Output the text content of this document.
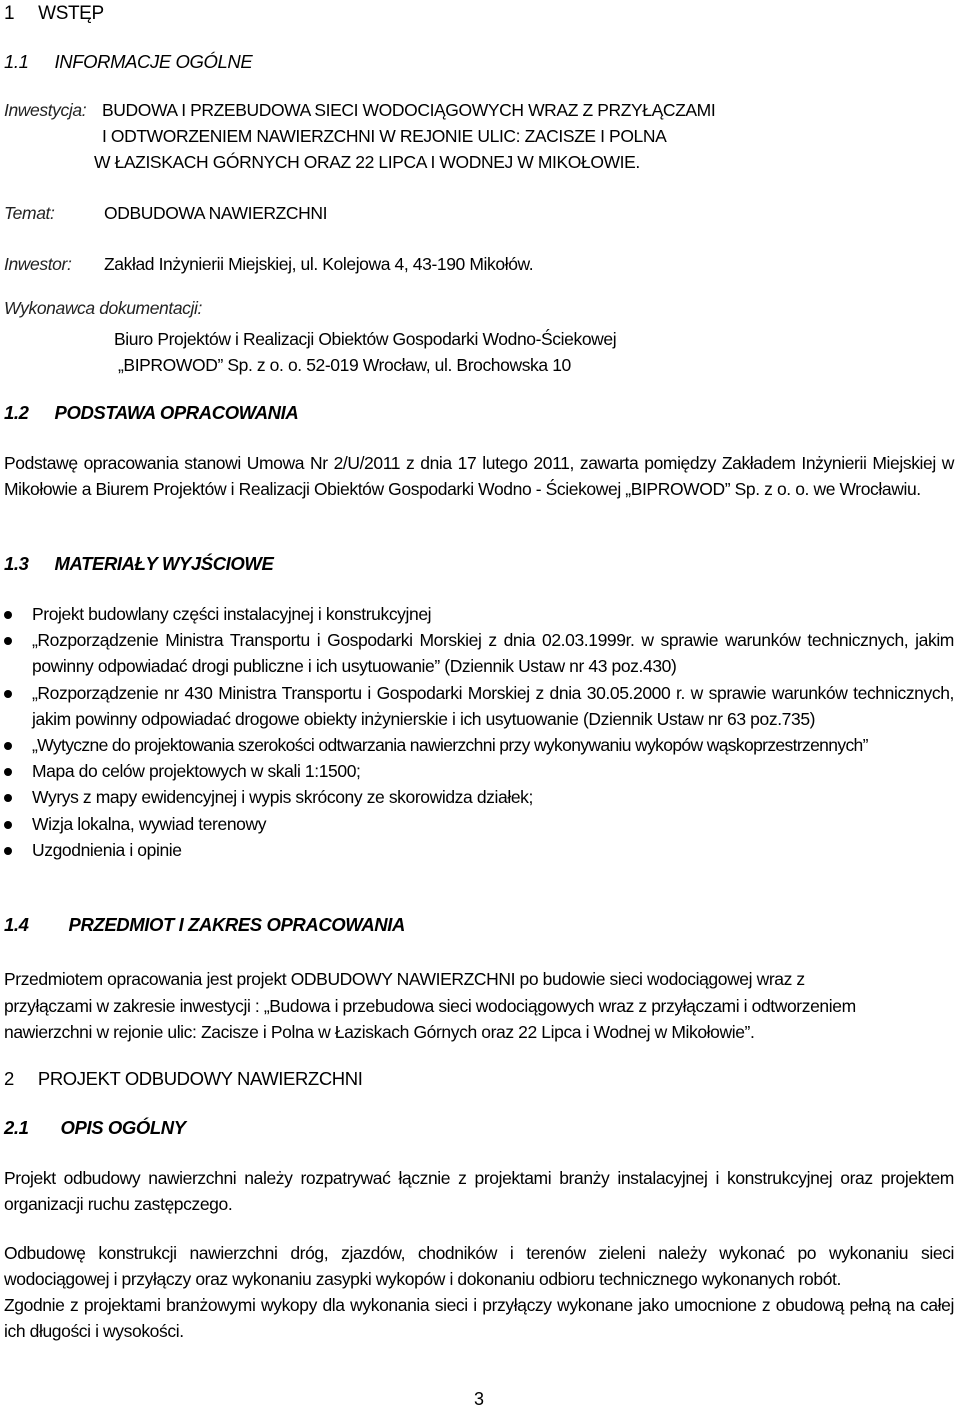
1 WSTĘP
1.1 INFORMACJE OGÓLNE
Inwestycja: BUDOWA I PRZEBUDOWA SIECI WODOCIĄGOWYCH WRAZ Z PRZYŁĄCZAMI
I ODTWORZENIEM NAWIERZCHNI W REJONIE ULIC: ZACISZE I POLNA
W ŁAZISKACH GÓRNYCH ORAZ 22 LIPCA I WODNEJ W MIKOŁOWIE.
Temat:	ODBUDOWA NAWIERZCHNI
Inwestor: Zakład Inżynierii Miejskiej, ul. Kolejowa 4, 43-190 Mikołów.
Wykonawca dokumentacji:
Biuro Projektów i Realizacji Obiektów Gospodarki Wodno-Ściekowej
„BIPROWOD” Sp. z o. o. 52-019 Wrocław, ul. Brochowska 10
1.2 PODSTAWA OPRACOWANIA

Podstawę opracowania stanowi Umowa Nr 2/U/2011 z dnia 17 lutego 2011, zawarta pomiędzy Zakładem Inżynierii Miejskiej w Mikołowie a Biurem Projektów i Realizacji Obiektów Gospodarki Wodno - Ściekowej „BIPROWOD” Sp. z o. o. we Wrocławiu.

1.3 MATERIAŁY WYJŚCIOWE
Projekt budowlany części instalacyjnej i konstrukcyjnej
„Rozporządzenie Ministra Transportu i Gospodarki Morskiej z dnia 02.03.1999r. w sprawie warunków technicznych, jakim powinny odpowiadać drogi publiczne i ich usytuowanie” (Dziennik Ustaw nr 43 poz.430)
„Rozporządzenie nr 430 Ministra Transportu i Gospodarki Morskiej z dnia 30.05.2000 r. w sprawie warunków technicznych, jakim powinny odpowiadać drogowe obiekty inżynierskie i ich usytuowanie (Dziennik Ustaw nr 63 poz.735)
„Wytyczne do projektowania szerokości odtwarzania nawierzchni przy wykonywaniu wykopów wąskoprzestrzennych”
Mapa do celów projektowych w skali 1:1500;
Wyrys z mapy ewidencyjnej i wypis skrócony ze skorowidza działek;
Wizja lokalna, wywiad terenowy
Uzgodnienia i opinie
1.4 PRZEDMIOT I ZAKRES OPRACOWANIA
Przedmiotem opracowania jest projekt ODBUDOWY NAWIERZCHNI po budowie sieci wodociągowej wraz z
przyłączami w zakresie inwestycji : „Budowa i przebudowa sieci wodociągowych wraz z przyłączami i odtworzeniem
nawierzchni w rejonie ulic: Zacisze i Polna w Łaziskach Górnych oraz 22 Lipca i Wodnej w Mikołowie”.
2 PROJEKT ODBUDOWY NAWIERZCHNI
2.1 OPIS OGÓLNY

Projekt odbudowy nawierzchni należy rozpatrywać łącznie z projektami branży instalacyjnej i konstrukcyjnej oraz projektem organizacji ruchu zastępczego.

Odbudowę konstrukcji nawierzchni dróg, zjazdów, chodników i terenów zieleni należy wykonać po wykonaniu sieci wodociągowej i przyłączy oraz wykonaniu zasypki wykopów i dokonaniu odbioru technicznego wykonanych robót.

Zgodnie z projektami branżowymi wykopy dla wykonania sieci i przyłączy wykonane jako umocnione z obudową pełną na całej ich długości i wysokości.

3
